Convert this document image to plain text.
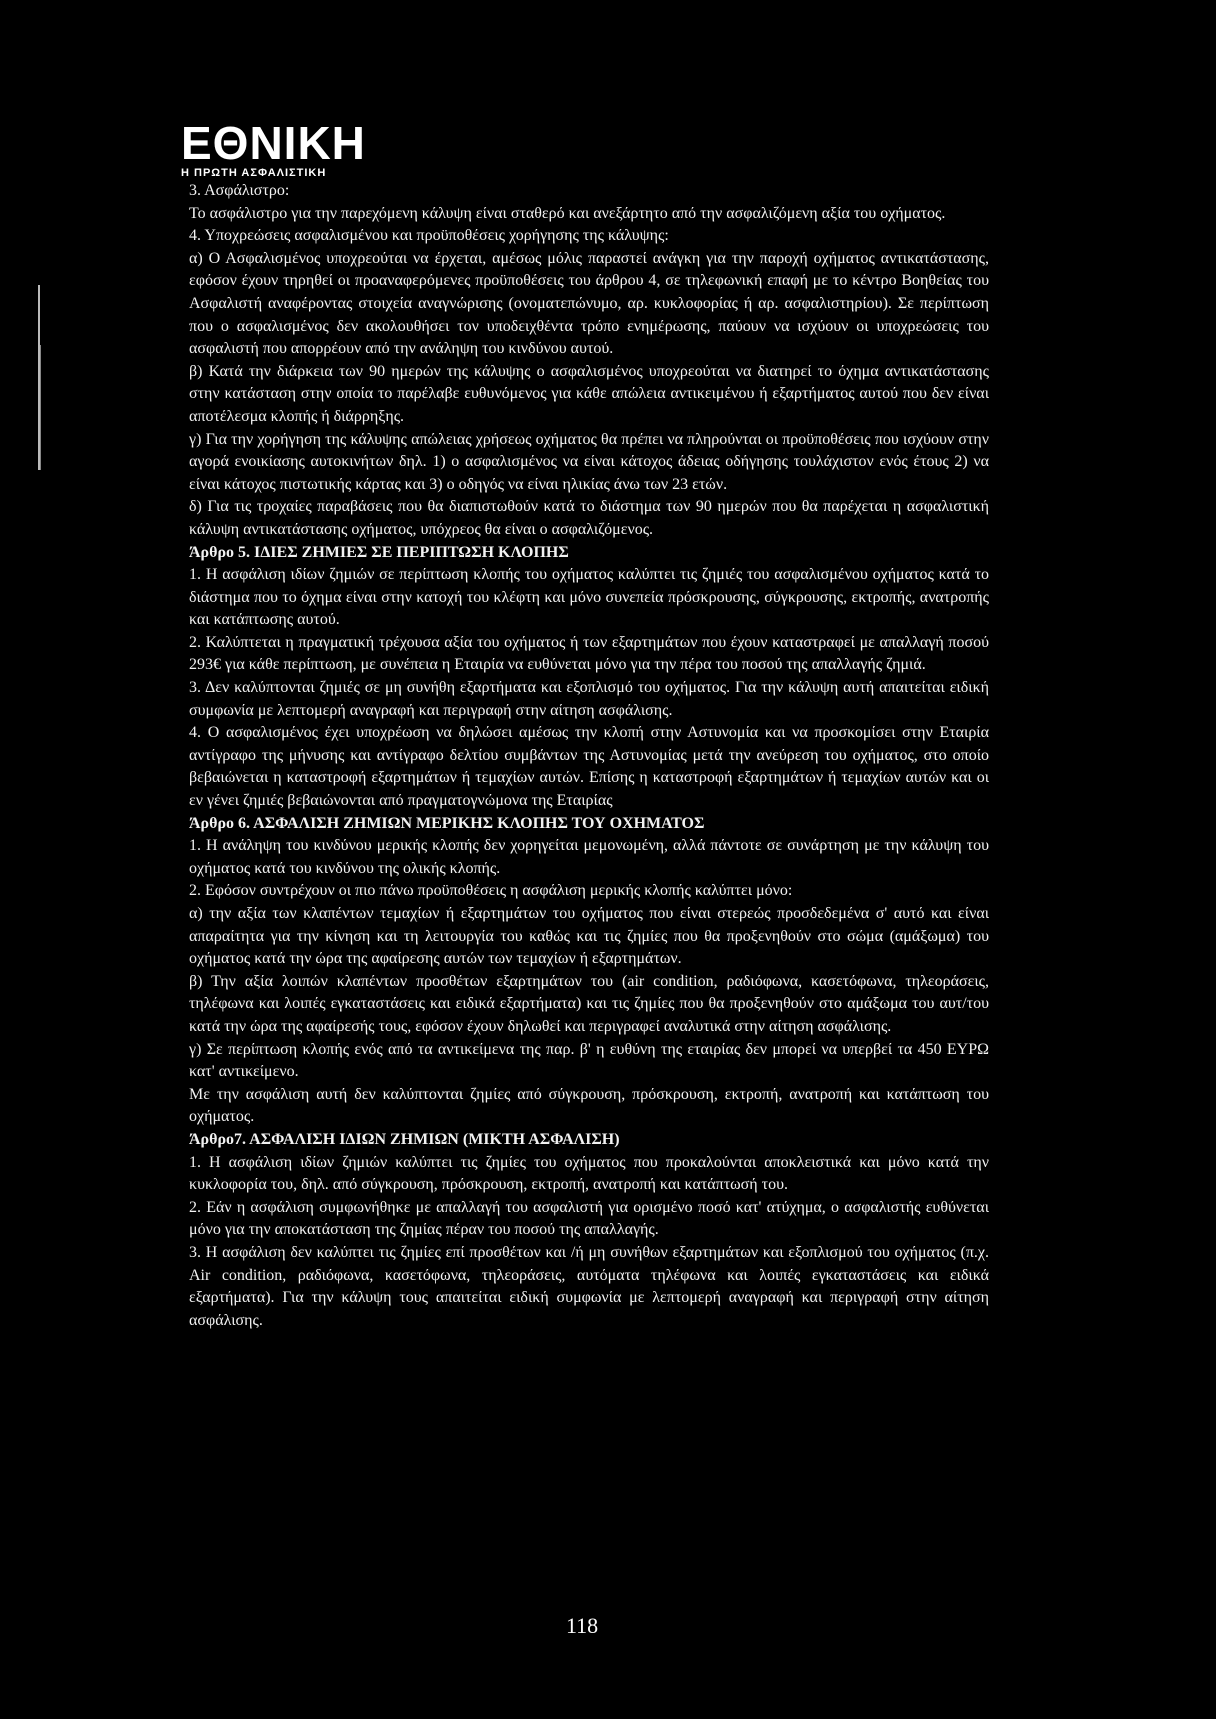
ΕΘΝΙΚΗ
Η ΠΡΩΤΗ ΑΣΦΑΛΙΣΤΙΚΗ

3. Ασφάλιστρο:

Το ασφάλιστρο για την παρεχόμενη κάλυψη είναι σταθερό και ανεξάρτητο από την ασφαλιζόμενη αξία του οχήματος.

4. Υποχρεώσεις ασφαλισμένου και προϋποθέσεις χορήγησης της κάλυψης:

α) Ο Ασφαλισμένος υποχρεούται να έρχεται, αμέσως μόλις παραστεί ανάγκη για την παροχή οχήματος αντικατάστασης, εφόσον έχουν τηρηθεί οι προαναφερόμενες προϋποθέσεις του άρθρου 4, σε τηλεφωνική επαφή με το κέντρο Βοηθείας του Ασφαλιστή αναφέροντας στοιχεία αναγνώρισης (ονοματεπώνυμο, αρ. κυκλοφορίας ή αρ. ασφαλιστηρίου). Σε περίπτωση που ο ασφαλισμένος δεν ακολουθήσει τον υποδειχθέντα τρόπο ενημέρωσης, παύουν να ισχύουν οι υποχρεώσεις του ασφαλιστή που απορρέουν από την ανάληψη του κινδύνου αυτού.

β) Κατά την διάρκεια των 90 ημερών της κάλυψης ο ασφαλισμένος υποχρεούται να διατηρεί το όχημα αντικατάστασης στην κατάσταση στην οποία το παρέλαβε ευθυνόμενος για κάθε απώλεια αντικειμένου ή εξαρτήματος αυτού που δεν είναι αποτέλεσμα κλοπής ή διάρρηξης.

γ) Για την χορήγηση της κάλυψης απώλειας χρήσεως οχήματος θα πρέπει να πληρούνται οι προϋποθέσεις που ισχύουν στην αγορά ενοικίασης αυτοκινήτων δηλ. 1) ο ασφαλισμένος να είναι κάτοχος άδειας οδήγησης τουλάχιστον ενός έτους 2) να είναι κάτοχος πιστωτικής κάρτας και 3) ο οδηγός να είναι ηλικίας άνω των 23 ετών.

δ) Για τις τροχαίες παραβάσεις που θα διαπιστωθούν κατά το διάστημα των 90 ημερών που θα παρέχεται η ασφαλιστική κάλυψη αντικατάστασης οχήματος, υπόχρεος θα είναι ο ασφαλιζόμενος.

Άρθρο 5. ΙΔΙΕΣ ΖΗΜΙΕΣ ΣΕ ΠΕΡΙΠΤΩΣΗ ΚΛΟΠΗΣ

1. Η ασφάλιση ιδίων ζημιών σε περίπτωση κλοπής του οχήματος καλύπτει τις ζημιές του ασφαλισμένου οχήματος κατά το διάστημα που το όχημα είναι στην κατοχή του κλέφτη και μόνο συνεπεία πρόσκρουσης, σύγκρουσης, εκτροπής, ανατροπής και κατάπτωσης αυτού.

2. Καλύπτεται η πραγματική τρέχουσα αξία του οχήματος ή των εξαρτημάτων που έχουν καταστραφεί με απαλλαγή ποσού 293€ για κάθε περίπτωση, με συνέπεια η Εταιρία να ευθύνεται μόνο για την πέρα του ποσού της απαλλαγής ζημιά.

3. Δεν καλύπτονται ζημιές σε μη συνήθη εξαρτήματα και εξοπλισμό του οχήματος. Για την κάλυψη αυτή απαιτείται ειδική συμφωνία με λεπτομερή αναγραφή και περιγραφή στην αίτηση ασφάλισης.

4. Ο ασφαλισμένος έχει υποχρέωση να δηλώσει αμέσως την κλοπή στην Αστυνομία και να προσκομίσει στην Εταιρία αντίγραφο της μήνυσης και αντίγραφο δελτίου συμβάντων της Αστυνομίας μετά την ανεύρεση του οχήματος, στο οποίο βεβαιώνεται η καταστροφή εξαρτημάτων ή τεμαχίων αυτών. Επίσης η καταστροφή εξαρτημάτων ή τεμαχίων αυτών και οι εν γένει ζημιές βεβαιώνονται από πραγματογνώμονα της Εταιρίας

Άρθρο 6. ΑΣΦΑΛΙΣΗ ΖΗΜΙΩΝ ΜΕΡΙΚΗΣ ΚΛΟΠΗΣ ΤΟΥ ΟΧΗΜΑΤΟΣ

1. Η ανάληψη του κινδύνου μερικής κλοπής δεν χορηγείται μεμονωμένη, αλλά πάντοτε σε συνάρτηση με την κάλυψη του οχήματος κατά του κινδύνου της ολικής κλοπής.

2. Εφόσον συντρέχουν οι πιο πάνω προϋποθέσεις η ασφάλιση μερικής κλοπής καλύπτει μόνο:

α) την αξία των κλαπέντων τεμαχίων ή εξαρτημάτων του οχήματος που είναι στερεώς προσδεδεμένα σ' αυτό και είναι απαραίτητα για την κίνηση και τη λειτουργία του καθώς και τις ζημίες που θα προξενηθούν στο σώμα (αμάξωμα) του οχήματος κατά την ώρα της αφαίρεσης αυτών των τεμαχίων ή εξαρτημάτων.

β) Την αξία λοιπών κλαπέντων προσθέτων εξαρτημάτων του (air condition, ραδιόφωνα, κασετόφωνα, τηλεοράσεις, τηλέφωνα και λοιπές εγκαταστάσεις και ειδικά εξαρτήματα) και τις ζημίες που θα προξενηθούν στο αμάξωμα του αυτ/του κατά την ώρα της αφαίρεσής τους, εφόσον έχουν δηλωθεί και περιγραφεί αναλυτικά στην αίτηση ασφάλισης.

γ) Σε περίπτωση κλοπής ενός από τα αντικείμενα της παρ. β' η ευθύνη της εταιρίας δεν μπορεί να υπερβεί τα 450 ΕΥΡΩ κατ' αντικείμενο.

Με την ασφάλιση αυτή δεν καλύπτονται ζημίες από σύγκρουση, πρόσκρουση, εκτροπή, ανατροπή και κατάπτωση του οχήματος.

Άρθρο7. ΑΣΦΑΛΙΣΗ ΙΔΙΩΝ ΖΗΜΙΩΝ (ΜΙΚΤΗ ΑΣΦΑΛΙΣΗ)

1. Η ασφάλιση ιδίων ζημιών καλύπτει τις ζημίες του οχήματος που προκαλούνται αποκλειστικά και μόνο κατά την κυκλοφορία του, δηλ. από σύγκρουση, πρόσκρουση, εκτροπή, ανατροπή και κατάπτωσή του.

2. Εάν η ασφάλιση συμφωνήθηκε με απαλλαγή του ασφαλιστή για ορισμένο ποσό κατ' ατύχημα, ο ασφαλιστής ευθύνεται μόνο για την αποκατάσταση της ζημίας πέραν του ποσού της απαλλαγής.

3. Η ασφάλιση δεν καλύπτει τις ζημίες επί προσθέτων και /ή μη συνήθων εξαρτημάτων και εξοπλισμού του οχήματος (π.χ. Air condition, ραδιόφωνα, κασετόφωνα, τηλεοράσεις, αυτόματα τηλέφωνα και λοιπές εγκαταστάσεις και ειδικά εξαρτήματα). Για την κάλυψη τους απαιτείται ειδική συμφωνία με λεπτομερή αναγραφή και περιγραφή στην αίτηση ασφάλισης.

118
